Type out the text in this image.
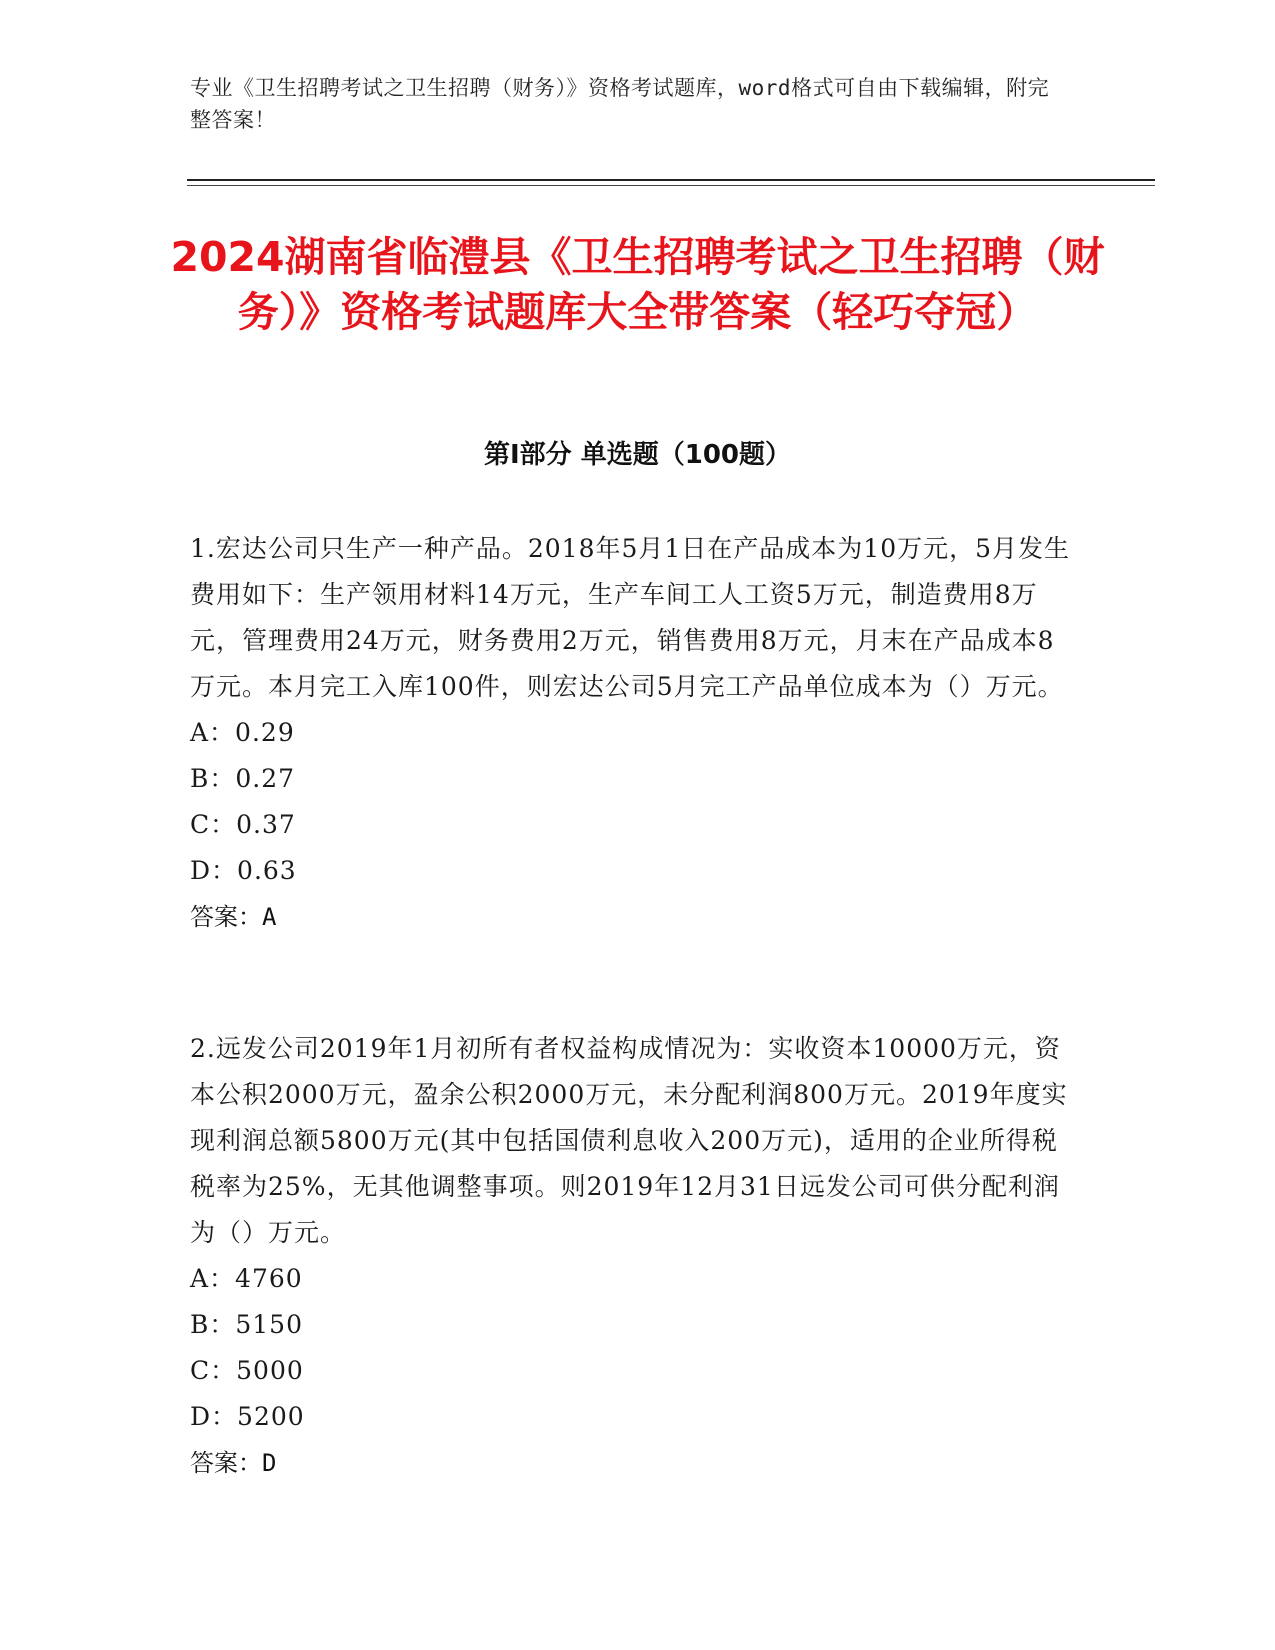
专业《卫生招聘考试之卫生招聘（财务）》资格考试题库，word格式可自由下载编辑，附完整答案！
2024湖南省临澧县《卫生招聘考试之卫生招聘（财务）》资格考试题库大全带答案（轻巧夺冠）
第Ⅰ部分 单选题（100题）

1.宏达公司只生产一种产品。2018年5月1日在产品成本为10万元，5月发生费用如下：生产领用材料14万元，生产车间工人工资5万元，制造费用8万元，管理费用24万元，财务费用2万元，销售费用8万元，月末在产品成本8万元。本月完工入库100件，则宏达公司5月完工产品单位成本为（）万元。

A：0.29

B：0.27

C：0.37

D：0.63

答案：A

2.远发公司2019年1月初所有者权益构成情况为：实收资本10000万元，资本公积2000万元，盈余公积2000万元，未分配利润800万元。2019年度实现利润总额5800万元(其中包括国债利息收入200万元)，适用的企业所得税税率为25%，无其他调整事项。则2019年12月31日远发公司可供分配利润为（）万元。

A：4760

B：5150

C：5000

D：5200

答案：D
